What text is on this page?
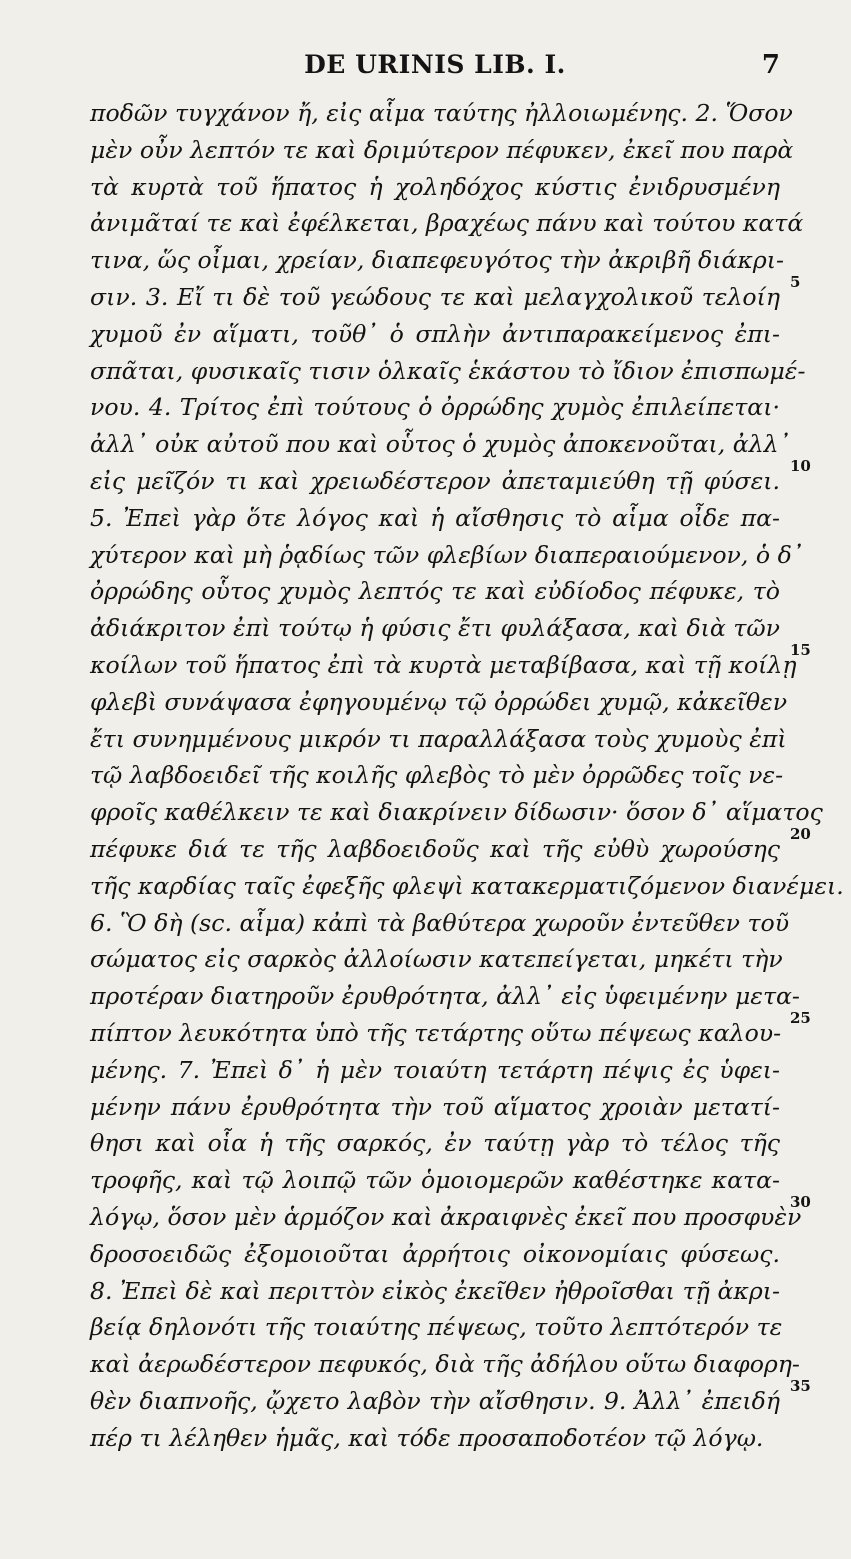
DE URINIS LIB. I.	7
ποδῶν τυγχάνον ἤ, εἰς αἷμα ταύτης ἠλλοιωμένης. 2. Ὅσον
μὲν οὖν λεπτόν τε καὶ δριμύτερον πέφυκεν, ἐκεῖ που παρὰ
τὰ κυρτὰ τοῦ ἥπατος ἡ χοληδόχος κύστις ἐνιδρυσμένη
ἀνιμᾶταί τε καὶ ἐφέλκεται, βραχέως πάνυ καὶ τούτου κατά
τινα, ὥς οἶμαι, χρείαν, διαπεφευγότος τὴν ἀκριβῆ διάκρι-
σιν. 3. Εἴ τι δὲ τοῦ γεώδους τε καὶ μελαγχολικοῦ τελοίη
χυμοῦ ἐν αἵματι, τοῦθ᾽ ὁ σπλὴν ἀντιπαρακείμενος ἐπι-
σπᾶται, φυσικαῖς τισιν ὁλκαῖς ἑκάστου τὸ ἴδιον ἐπισπωμέ-
νου. 4. Τρίτος ἐπὶ τούτους ὁ ὀρρώδης χυμὸς ἐπιλείπεται·
ἀλλ᾽ οὐκ αὐτοῦ που καὶ οὗτος ὁ χυμὸς ἀποκενοῦται, ἀλλ᾽
εἰς μεῖζόν τι καὶ χρειωδέστερον ἀπεταμιεύθη τῇ φύσει.
5. Ἐπεὶ γὰρ ὅτε λόγος καὶ ἡ αἴσθησις τὸ αἷμα οἶδε πα-
χύτερον καὶ μὴ ῥᾳδίως τῶν φλεβίων διαπεραιούμενον, ὁ δ᾽
ὀρρώδης οὗτος χυμὸς λεπτός τε καὶ εὐδίοδος πέφυκε, τὸ
ἀδιάκριτον ἐπὶ τούτῳ ἡ φύσις ἔτι φυλάξασα, καὶ διὰ τῶν
κοίλων τοῦ ἥπατος ἐπὶ τὰ κυρτὰ μεταβίβασα, καὶ τῇ κοίλῃ
φλεβὶ συνάψασα ἐφηγουμένῳ τῷ ὀρρώδει χυμῷ, κἀκεῖθεν
ἔτι συνημμένους μικρόν τι παραλλάξασα τοὺς χυμοὺς ἐπὶ
τῷ λαβδοειδεῖ τῆς κοιλῆς φλεβὸς τὸ μὲν ὀρρῶδες τοῖς νε-
φροῖς καθέλκειν τε καὶ διακρίνειν δίδωσιν· ὅσον δ᾽ αἵματος
πέφυκε διά τε τῆς λαβδοειδοῦς καὶ τῆς εὐθὺ χωρούσης
τῆς καρδίας ταῖς ἐφεξῆς φλεψὶ κατακερματιζόμενον διανέμει.
6. Ὃ δὴ (sc. αἷμα) κἀπὶ τὰ βαθύτερα χωροῦν ἐντεῦθεν τοῦ
σώματος εἰς σαρκὸς ἀλλοίωσιν κατεπείγεται, μηκέτι τὴν
προτέραν διατηροῦν ἐρυθρότητα, ἀλλ᾽ εἰς ὑφειμένην μετα-
πίπτον λευκότητα ὑπὸ τῆς τετάρτης οὕτω πέψεως καλου-
μένης. 7. Ἐπεὶ δ᾽ ἡ μὲν τοιαύτη τετάρτη πέψις ἐς ὑφει-
μένην πάνυ ἐρυθρότητα τὴν τοῦ αἵματος χροιὰν μετατί-
θησι καὶ οἷα ἡ τῆς σαρκός, ἐν ταύτῃ γὰρ τὸ τέλος τῆς
τροφῆς, καὶ τῷ λοιπῷ τῶν ὁμοιομερῶν καθέστηκε κατα-
λόγῳ, ὅσον μὲν ἁρμόζον καὶ ἀκραιφνὲς ἐκεῖ που προσφυὲν
δροσοειδῶς ἐξομοιοῦται ἀρρήτοις οἰκονομίαις φύσεως.
8. Ἐπεὶ δὲ καὶ περιττὸν εἰκὸς ἐκεῖθεν ἠθροῖσθαι τῇ ἀκρι-
βείᾳ δηλονότι τῆς τοιαύτης πέψεως, τοῦτο λεπτότερόν τε
καὶ ἀερωδέστερον πεφυκός, διὰ τῆς ἀδήλου οὕτω διαφορη-
θὲν διαπνοῆς, ᾤχετο λαβὸν τὴν αἴσθησιν. 9. Ἀλλ᾽ ἐπειδή
πέρ τι λέληθεν ἡμᾶς, καὶ τόδε προσαποδοτέον τῷ λόγῳ.
5
10
15
20
25
30
35
